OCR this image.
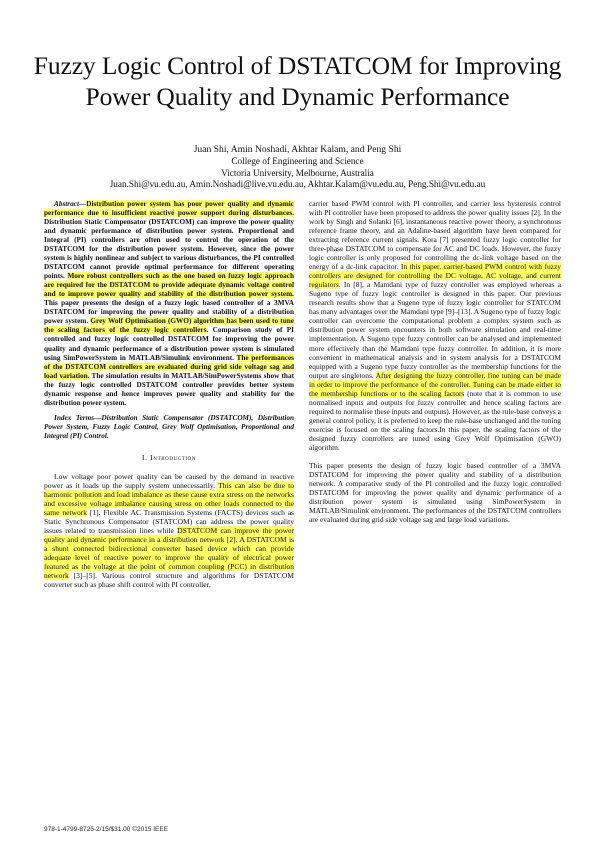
Fuzzy Logic Control of DSTATCOM for Improving
Power Quality and Dynamic Performance
Juan Shi, Amin Noshadi, Akhtar Kalam, and Peng Shi
College of Engineering and Science
Victoria University, Melbourne, Australia
Juan.Shi@vu.edu.au, Amin.Noshadi@live.vu.edu.au, Akhtar.Kalam@vu.edu.au, Peng.Shi@vu.edu.au

Abstract—Distribution power system has poor power quality and dynamic performance due to insufficient reactive power support during disturbances. Distribution Static Compensator (DSTATCOM) can improve the power quality and dynamic performance of distribution power system. Proportional and Integral (PI) controllers are often used to control the operation of the DSTATCOM for the distribution power system. However, since the power system is highly nonlinear and subject to various disturbances, the PI controlled DSTATCOM cannot provide optimal performance for different operating points. More robust controllers such as the one based on fuzzy logic approach are required for the DSTATCOM to provide adequate dynamic voltage control and to improve power quality and stability of the distribution power system. This paper presents the design of a fuzzy logic based controller of a 3MVA DSTATCOM for improving the power quality and stability of a distribution power system. Grey Wolf Optimisation (GWO) algorithm has been used to tune the scaling factors of the fuzzy logic controllers. Comparison study of PI controlled and fuzzy logic controlled DSTATCOM for improving the power quality and dynamic performance of a distribution power system is simulated using SimPowerSystem in MATLAB/Simulink environment. The performances of the DSTATCOM controllers are evaluated during grid side voltage sag and load variation. The simulation results in MATLAB/SimPowerSystems show that the fuzzy logic controlled DSTATCOM controller provides better system dynamic response and hence improves power quality and stability for the distribution power system.

Index Terms—Distribution Static Compensator (DSTATCOM), Distribution Power System, Fuzzy Logic Control, Grey Wolf Optimisation, Proportional and Integral (PI) Control.

I. Introduction

Low voltage poor power quality can be caused by the demand in reactive power as it loads up the supply system unnecessarily. This can also be due to harmonic pollution and load imbalance as these cause extra stress on the networks and excessive voltage imbalance causing stress on other loads connected to the same network [1]. Flexible AC Transmission Systems (FACTS) devices such as Static Synchronous Compensator (STATCOM) can address the power quality issues related to transmission lines while DSTATCOM can improve the power quality and dynamic performance in a distribution network [2]. A DSTATCOM is a shunt connected bidirectional converter based device which can provide adequate level of reactive power to improve the quality of electrical power featured as the voltage at the point of common coupling (PCC) in distribution network [3]–[5]. Various control structure and algorithms for DSTATCOM converter such as phase shift control with PI controller,

carrier based PWM control with PI controller, and carrier less hysteresis control with PI controller have been proposed to address the power quality issues [2]. In the work by Singh and Solanki [6], instantaneous reactive power theory, a synchronous reference frame theory, and an Adaline-based algorithm have been compared for extracting reference current signals. Kora [7] presented fuzzy logic controller for three-phase DSTATCOM to compensate for AC and DC loads. However, the fuzzy logic controller is only proposed for controlling the dc-link voltage based on the energy of a dc-link capacitor. In this paper, carrier-based PWM control with fuzzy controllers are designed for controlling the DC voltage, AC voltage, and current regulators. In [8], a Mamdani type of fuzzy controller was employed whereas a Sugeno type of fuzzy logic controller is designed in this paper. Our previous research results show that a Sugeno type of fuzzy logic controller for STATCOM has many advantages over the Mamdani type [9]–[13]. A Sugeno type of fuzzy logic controller can overcome the computational problem a complex system such as distribution power system encounters in both software simulation and real-time implementation. A Sugeno type fuzzy controller can be analysed and implemented more effectively than the Mamdani type fuzzy controller. In addition, it is more convenient in mathematical analysis and in system analysis for a DSTATCOM equipped with a Sugeno type fuzzy controller as the membership functions for the output are singletons. After designing the fuzzy controller, fine tuning can be made in order to improve the performance of the controller. Tuning can be made either to the membership functions or to the scaling factors (note that it is common to use normalised inputs and outputs for fuzzy controller and hence scaling factors are required to normalise these inputs and outputs). However, as the rule-base conveys a general control policy, it is preferred to keep the rule-base unchanged and the tuning exercise is focused on the scaling factors.In this paper, the scaling factors of the designed fuzzy controllers are tuned using Grey Wolf Optimisation (GWO) algorithm.

This paper presents the design of fuzzy logic based controller of a 3MVA DSTATCOM for improving the power quality and stability of a distribution network. A comparative study of the PI controlled and the fuzzy logic controlled DSTATCOM for improving the power quality and dynamic performance of a distribution power system is simulated using SimPowerSystem in MATLAB/Simulink environment. The performances of the DSTATCOM controllers are evaluated during grid side voltage sag and large load variations.

978-1-4799-8725-2/15/$31.00 ©2015 IEEE
